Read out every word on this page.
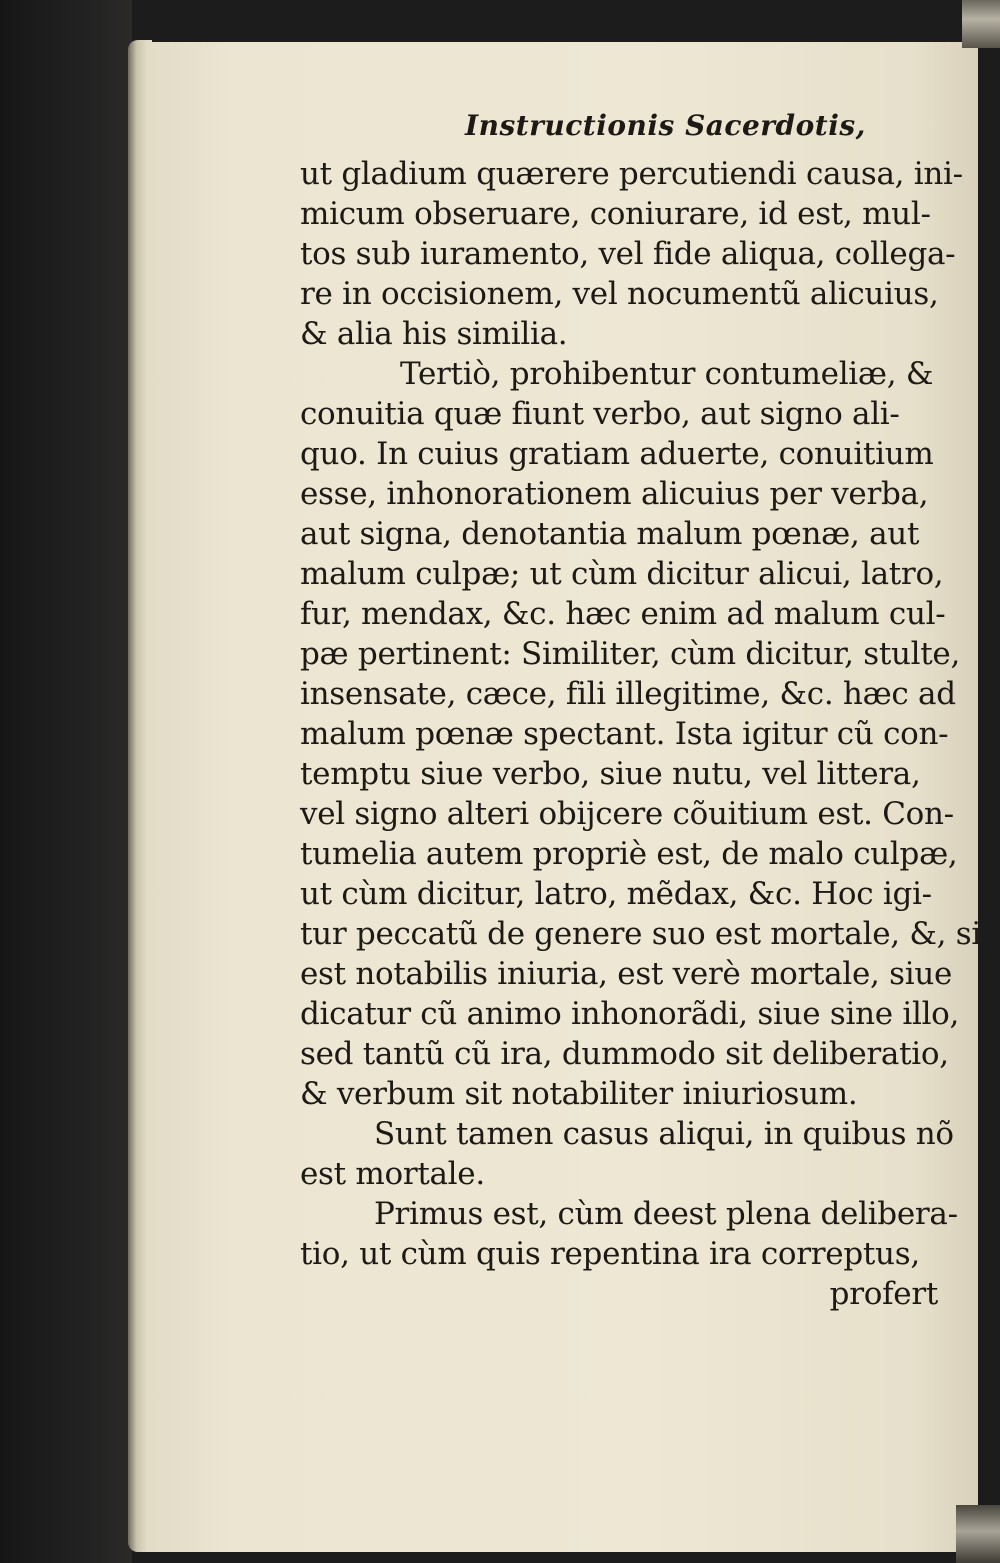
Instructionis Sacerdotis,
ut gladium quærere percutiendi causa, ini-
micum obseruare, coniurare, id est, mul-
tos sub iuramento, vel fide aliqua, collega-
re in occisionem, vel nocumentũ alicuius,
& alia his similia.
Tertiò, prohibentur contumeliæ, &
conuitia quæ fiunt verbo, aut signo ali-
quo. In cuius gratiam aduerte, conuitium
esse, inhonorationem alicuius per verba,
aut signa, denotantia malum pœnæ, aut
malum culpæ; ut cùm dicitur alicui, latro,
fur, mendax, &c. hæc enim ad malum cul-
pæ pertinent: Similiter, cùm dicitur, stulte,
insensate, cæce, fili illegitime, &c. hæc ad
malum pœnæ spectant. Ista igitur cũ con-
temptu siue verbo, siue nutu, vel littera,
vel signo alteri obijcere cõuitium est. Con-
tumelia autem propriè est, de malo culpæ,
ut cùm dicitur, latro, mẽdax, &c. Hoc igi-
tur peccatũ de genere suo est mortale, &, si
est notabilis iniuria, est verè mortale, siue
dicatur cũ animo inhonorãdi, siue sine illo,
sed tantũ cũ ira, dummodo sit deliberatio,
& verbum sit notabiliter iniuriosum.
Sunt tamen casus aliqui, in quibus nõ
est mortale.
Primus est, cùm deest plena delibera-
tio, ut cùm quis repentina ira correptus,
profert
